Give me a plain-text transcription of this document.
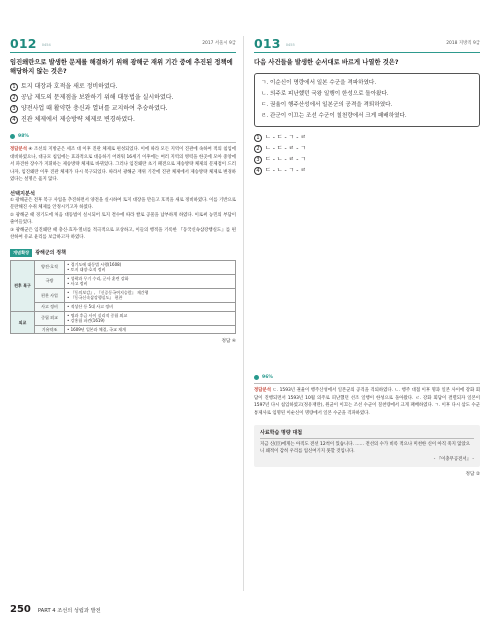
012 0454	2017 서울시 9급
임진왜란으로 발생한 문제를 해결하기 위해 광해군 재위 기간 중에 추진된 정책에 해당하지 않는 것은?
1 토지 대장과 호적을 새로 정비하였다.
2 공납 제도의 문제점을 보완하기 위해 대동법을 실시하였다.
3 양전사업 때 활약한 충신과 열녀를 교지하여 추숭하였다.
4 진관 체제에서 제승방략 체제로 변경하였다.
98%
정답분석 ④ 조선의 지방군은 세조 대 이후 진관 체제로 편성되었다. 이에 따라 모든 지역이 진관에 속하여 적의 침입에 대비하였으나, 대규모 침입에는 효과적으로 대응하기 어려워 16세기 이후에는 여러 지역의 병력을 한곳에 모아 중앙에서 파견한 장수가 지휘하는 제승방략 체제로 바뀌었다. 그러나 임진왜란 초기 패전으로 제승방략 체제의 문제점이 드러나자, 임진왜란 이후 진관 체제가 다시 복구되었다. 따라서 광해군 재위 기간에 진관 체제에서 제승방략 체제로 변경하였다는 설명은 옳지 않다.
선택지분석
① 광해군은 전후 복구 사업을 추진하면서 양전을 실시하여 토지 대장을 만들고 호적을 새로 정비하였다. 이를 기반으로 문란해진 수취 체제를 안정시키고자 하였다.
② 광해군 때 경기도에 처음 대동법이 실시되어 토지 결수에 따라 쌀로 공물을 납부하게 하였다. 이로써 농민의 부담이 줄어들었다.
③ 광해군은 임진왜란 때 충신·효자·열녀를 적극적으로 포상하고, 이들의 행적을 기록한 『동국신속삼강행실도』를 편찬하여 유교 윤리를 보급하고자 하였다.
개념확장	광해군의 정책
전후 복구	양전·호적	• 경기도에 대동법 시행(1608)
• 토지 대장·호적 정비
	국방	• 성곽과 무기 수리, 군사 훈련 강화
• 사고 정비
	편찬 사업	• 『동의보감』, 『신증동국여지승람』 재간행
• 『동국신속삼강행실도』 편찬
	사고 정비	• 적상산 등 5대 사고 정비
외교	중립 외교	• 명과 후금 사이 실리적 중립 외교
• 강홍립 파견(1619)
	기유약조	• 1609년 일본과 체결, 국교 재개
정답 ④
013 0455	2018 지방직 9급
다음 사건들을 발생한 순서대로 바르게 나열한 것은?
ㄱ. 이순신이 명량에서 일본 수군을 격파하였다.
ㄴ. 의주로 피난했던 국왕 일행이 한성으로 돌아왔다.
ㄷ. 권율이 행주산성에서 일본군의 공격을 격퇴하였다.
ㄹ. 관군이 이끄는 조선 수군이 칠천량에서 크게 패배하였다.
1 ㄴ - ㄷ - ㄱ - ㄹ
2 ㄴ - ㄷ - ㄹ - ㄱ
3 ㄷ - ㄴ - ㄹ - ㄱ
4 ㄷ - ㄴ - ㄱ - ㄹ
96%
정답분석 ㄷ. 1593년 권율이 행주산성에서 일본군의 공격을 격퇴하였다. ㄴ. 행주 대첩 이후 명과 일본 사이에 강화 회담이 진행되면서 1593년 10월 의주로 피난했던 선조 일행이 한성으로 돌아왔다. ㄹ. 강화 회담이 결렬되자 일본이 1597년 다시 침입하였고(정유재란), 원균이 이끄는 조선 수군이 칠천량에서 크게 패배하였다. ㄱ. 이후 다시 삼도 수군통제사로 임명된 이순신이 명량에서 일본 수군을 격파하였다.
사료학습 명량 대첩
지금 신(臣)에게는 아직도 전선 12척이 있습니다. …… 전선의 수가 비록 적으나 미천한 신이 아직 죽지 않았으니 왜적이 감히 우리를 업신여기지 못할 것입니다.
- 『이충무공전서』 -
정답 ②
250 PART 4 조선의 성립과 발전
